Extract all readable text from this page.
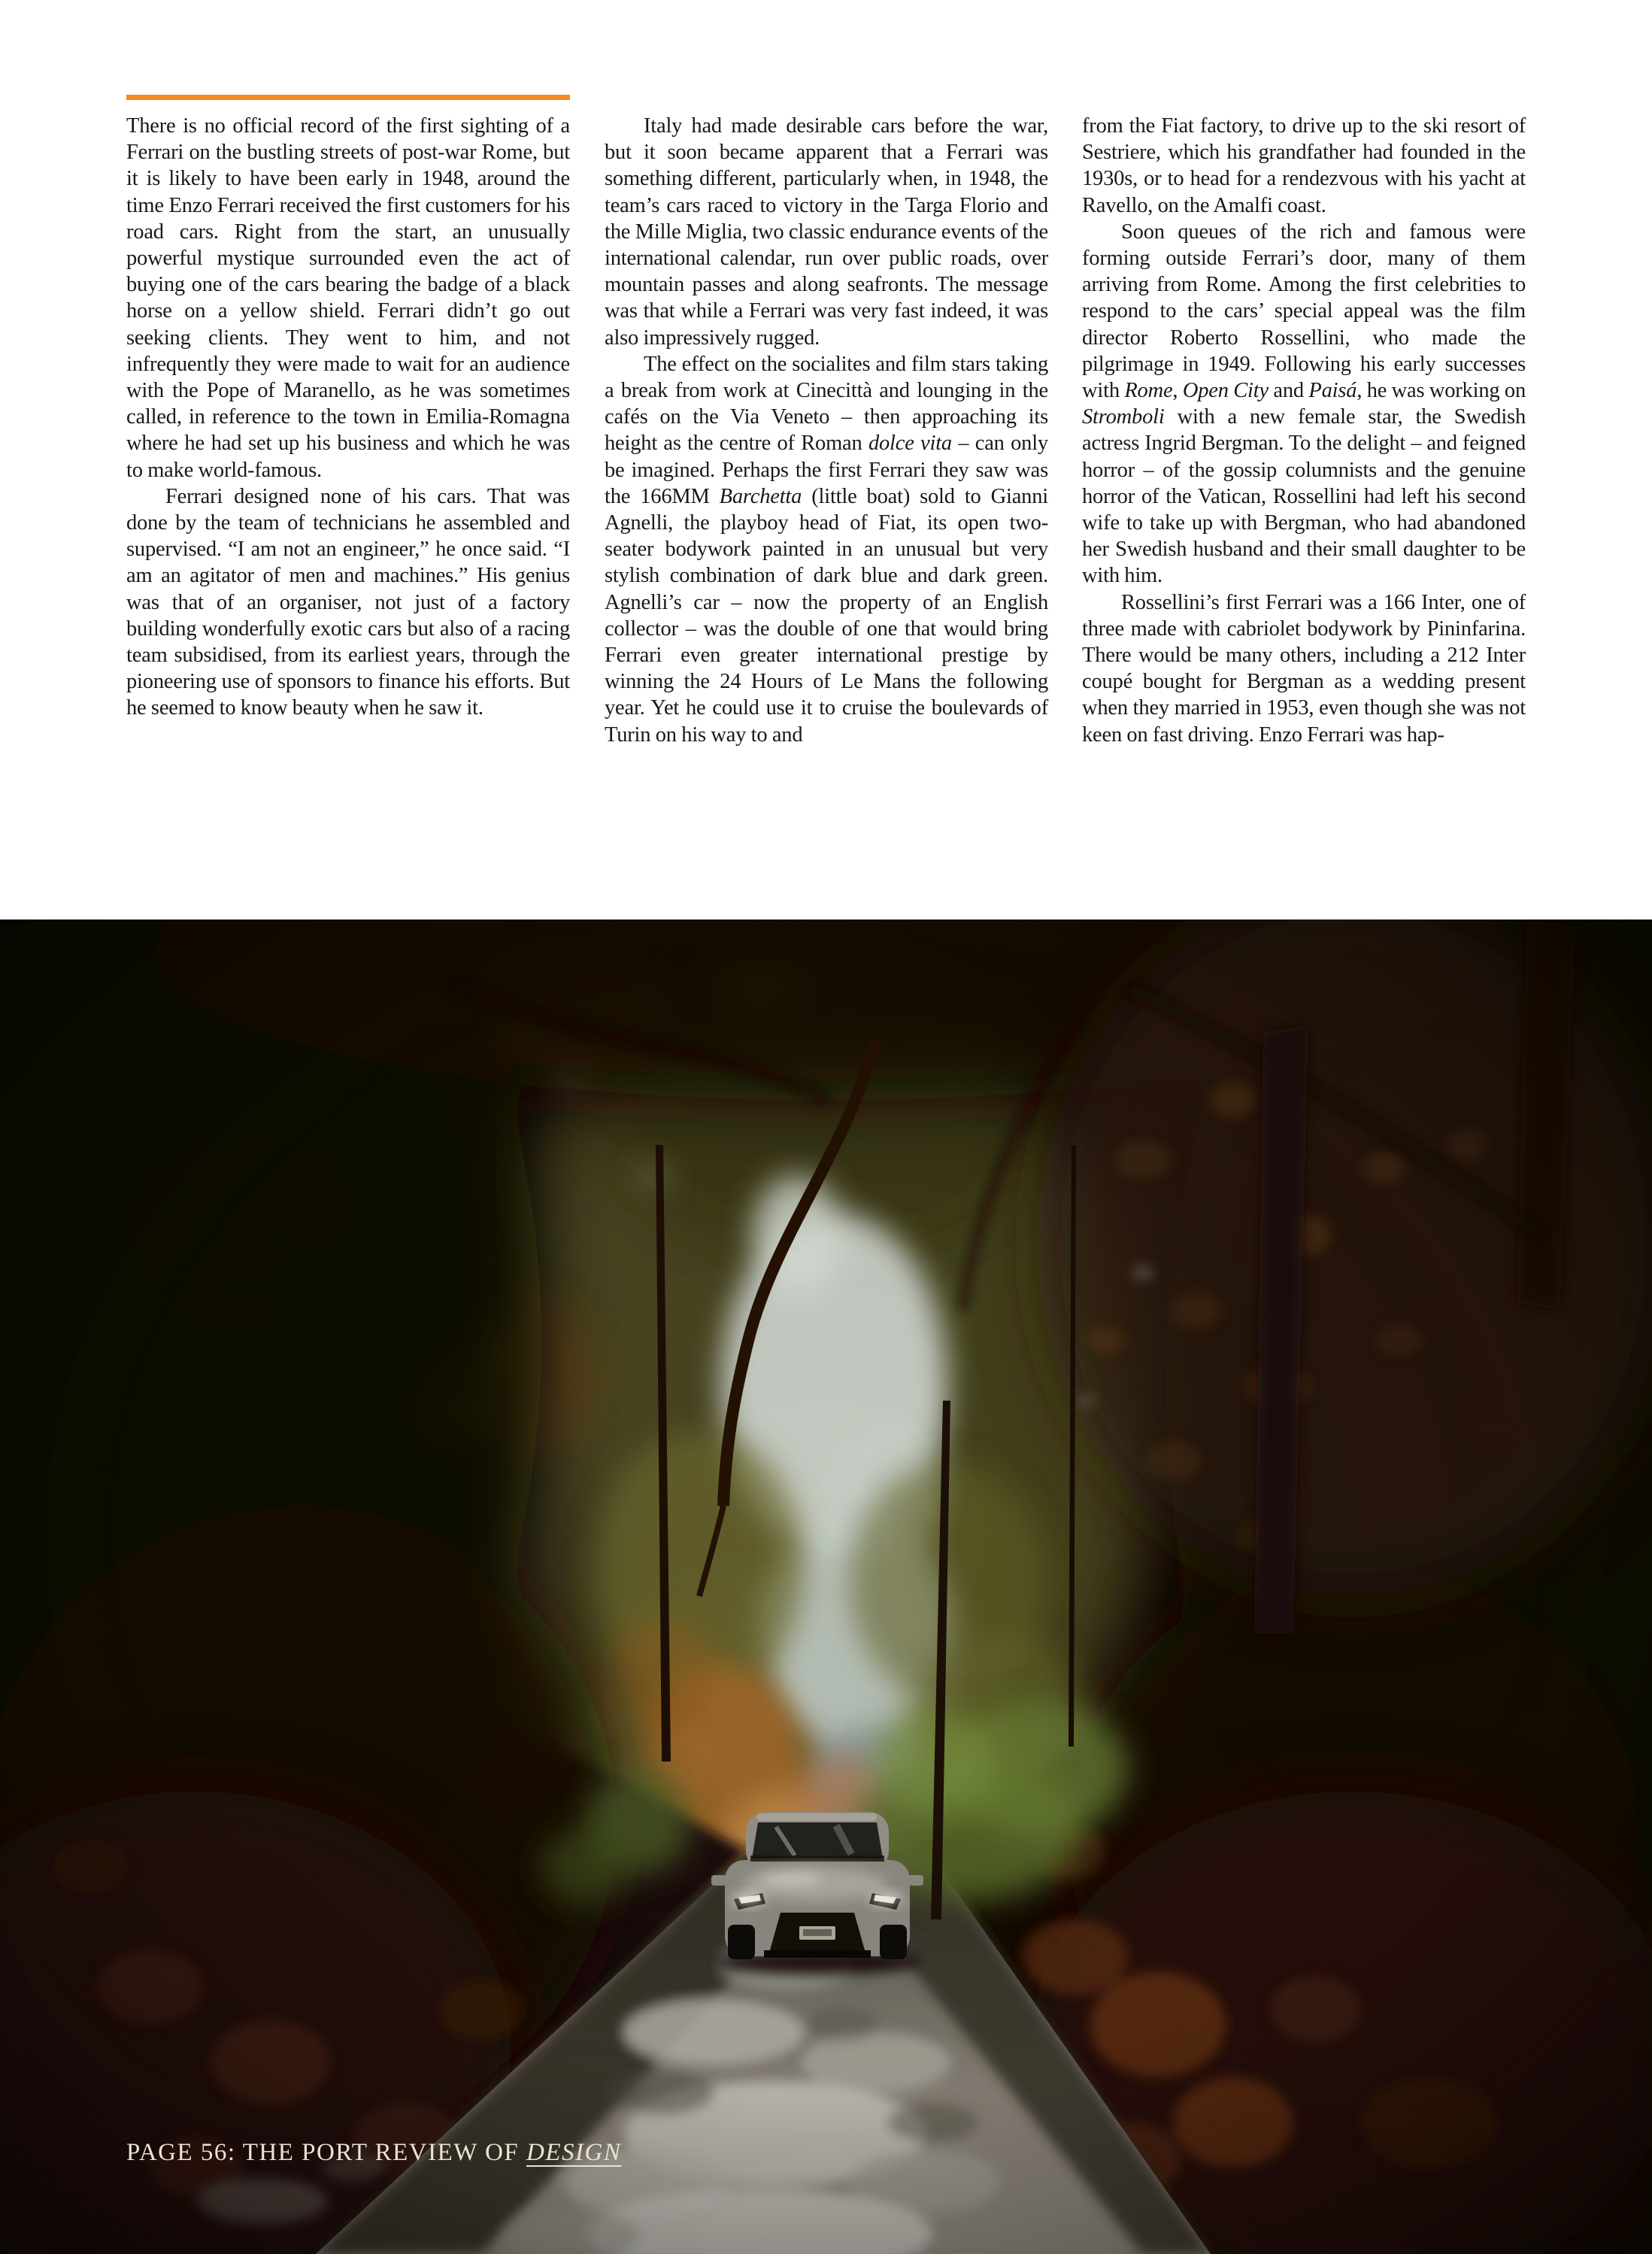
There is no official record of the first sighting of a Ferrari on the bustling streets of post-war Rome, but it is likely to have been early in 1948, around the time Enzo Ferrari received the first customers for his road cars. Right from the start, an unusually powerful mystique surrounded even the act of buying one of the cars bearing the badge of a black horse on a yellow shield. Ferrari didn’t go out seeking clients. They went to him, and not infrequently they were made to wait for an audience with the Pope of Maranello, as he was sometimes called, in reference to the town in Emilia-Romagna where he had set up his business and which he was to make world-famous.

Ferrari designed none of his cars. That was done by the team of technicians he assembled and supervised. “I am not an engineer,” he once said. “I am an agitator of men and machines.” His genius was that of an organiser, not just of a factory building wonderfully exotic cars but also of a racing team subsidised, from its earliest years, through the pioneering use of sponsors to finance his efforts. But he seemed to know beauty when he saw it.

Italy had made desirable cars before the war, but it soon became apparent that a Ferrari was something different, particularly when, in 1948, the team’s cars raced to victory in the Targa Florio and the Mille Miglia, two classic endurance events of the international calendar, run over public roads, over mountain passes and along seafronts. The message was that while a Ferrari was very fast indeed, it was also impressively rugged.

The effect on the socialites and film stars taking a break from work at Cinecittà and lounging in the cafés on the Via Veneto – then approaching its height as the centre of Roman dolce vita – can only be imagined. Perhaps the first Ferrari they saw was the 166MM Barchetta (little boat) sold to Gianni Agnelli, the playboy head of Fiat, its open two-seater bodywork painted in an unusual but very stylish combination of dark blue and dark green. Agnelli’s car – now the property of an English collector – was the double of one that would bring Ferrari even greater international prestige by winning the 24 Hours of Le Mans the following year. Yet he could use it to cruise the boulevards of Turin on his way to and

from the Fiat factory, to drive up to the ski resort of Sestriere, which his grandfather had founded in the 1930s, or to head for a rendezvous with his yacht at Ravello, on the Amalfi coast.

Soon queues of the rich and famous were forming outside Ferrari’s door, many of them arriving from Rome. Among the first celebrities to respond to the cars’ special appeal was the film director Roberto Rossellini, who made the pilgrimage in 1949. Following his early successes with Rome, Open City and Paisá, he was working on Stromboli with a new female star, the Swedish actress Ingrid Bergman. To the delight – and feigned horror – of the gossip columnists and the genuine horror of the Vatican, Rossellini had left his second wife to take up with Bergman, who had abandoned her Swedish husband and their small daughter to be with him.

Rossellini’s first Ferrari was a 166 Inter, one of three made with cabriolet bodywork by Pininfarina. There would be many others, including a 212 Inter coupé bought for Bergman as a wedding present when they married in 1953, even though she was not keen on fast driving. Enzo Ferrari was hap-

PAGE 56: THE PORT REVIEW OF DESIGN
